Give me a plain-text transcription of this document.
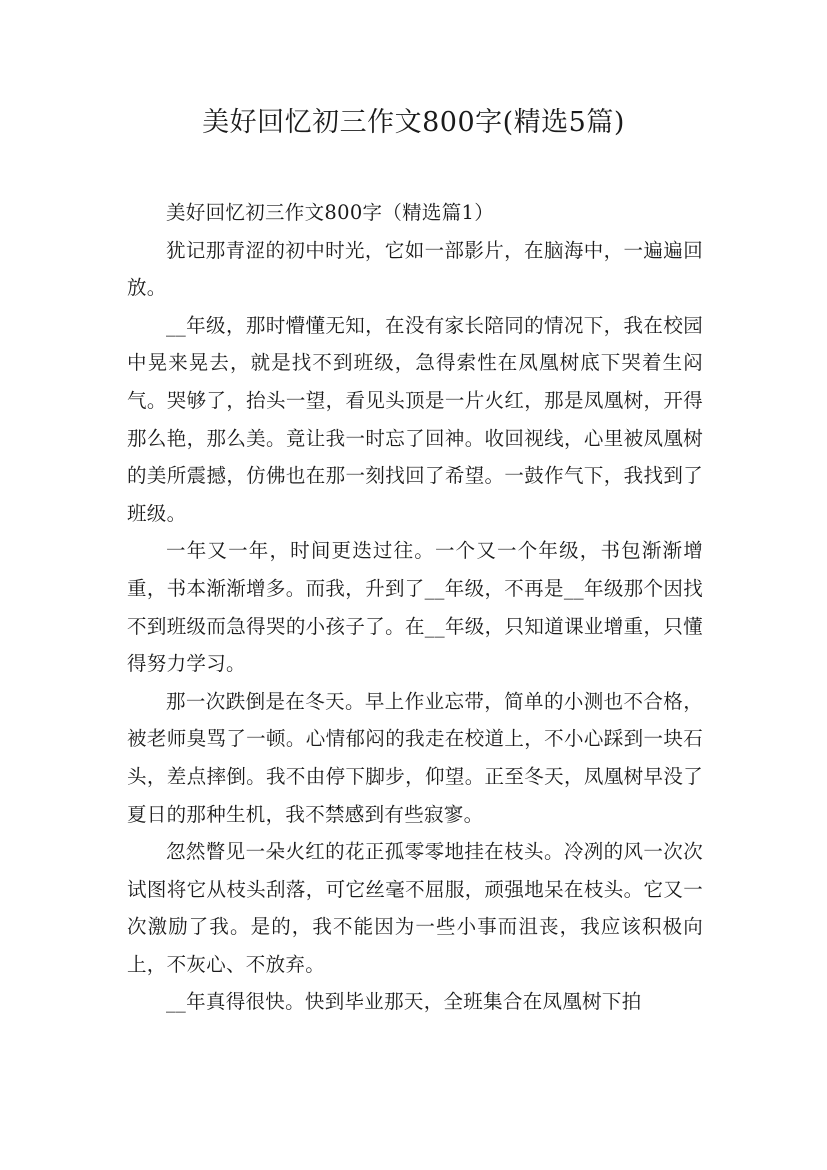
美好回忆初三作文800字(精选5篇)
美好回忆初三作文800字（精选篇1）

犹记那青涩的初中时光，它如一部影片，在脑海中，一遍遍回放。

__年级，那时懵懂无知，在没有家长陪同的情况下，我在校园中晃来晃去，就是找不到班级，急得索性在凤凰树底下哭着生闷气。哭够了，抬头一望，看见头顶是一片火红，那是凤凰树，开得那么艳，那么美。竟让我一时忘了回神。收回视线，心里被凤凰树的美所震撼，仿佛也在那一刻找回了希望。一鼓作气下，我找到了班级。

一年又一年，时间更迭过往。一个又一个年级，书包渐渐增重，书本渐渐增多。而我，升到了__年级，不再是__年级那个因找不到班级而急得哭的小孩子了。在__年级，只知道课业增重，只懂得努力学习。

那一次跌倒是在冬天。早上作业忘带，简单的小测也不合格，被老师臭骂了一顿。心情郁闷的我走在校道上，不小心踩到一块石头，差点摔倒。我不由停下脚步，仰望。正至冬天，凤凰树早没了夏日的那种生机，我不禁感到有些寂寥。

忽然瞥见一朵火红的花正孤零零地挂在枝头。冷冽的风一次次试图将它从枝头刮落，可它丝毫不屈服，顽强地呆在枝头。它又一次激励了我。是的，我不能因为一些小事而沮丧，我应该积极向上，不灰心、不放弃。

__年真得很快。快到毕业那天，全班集合在凤凰树下拍
